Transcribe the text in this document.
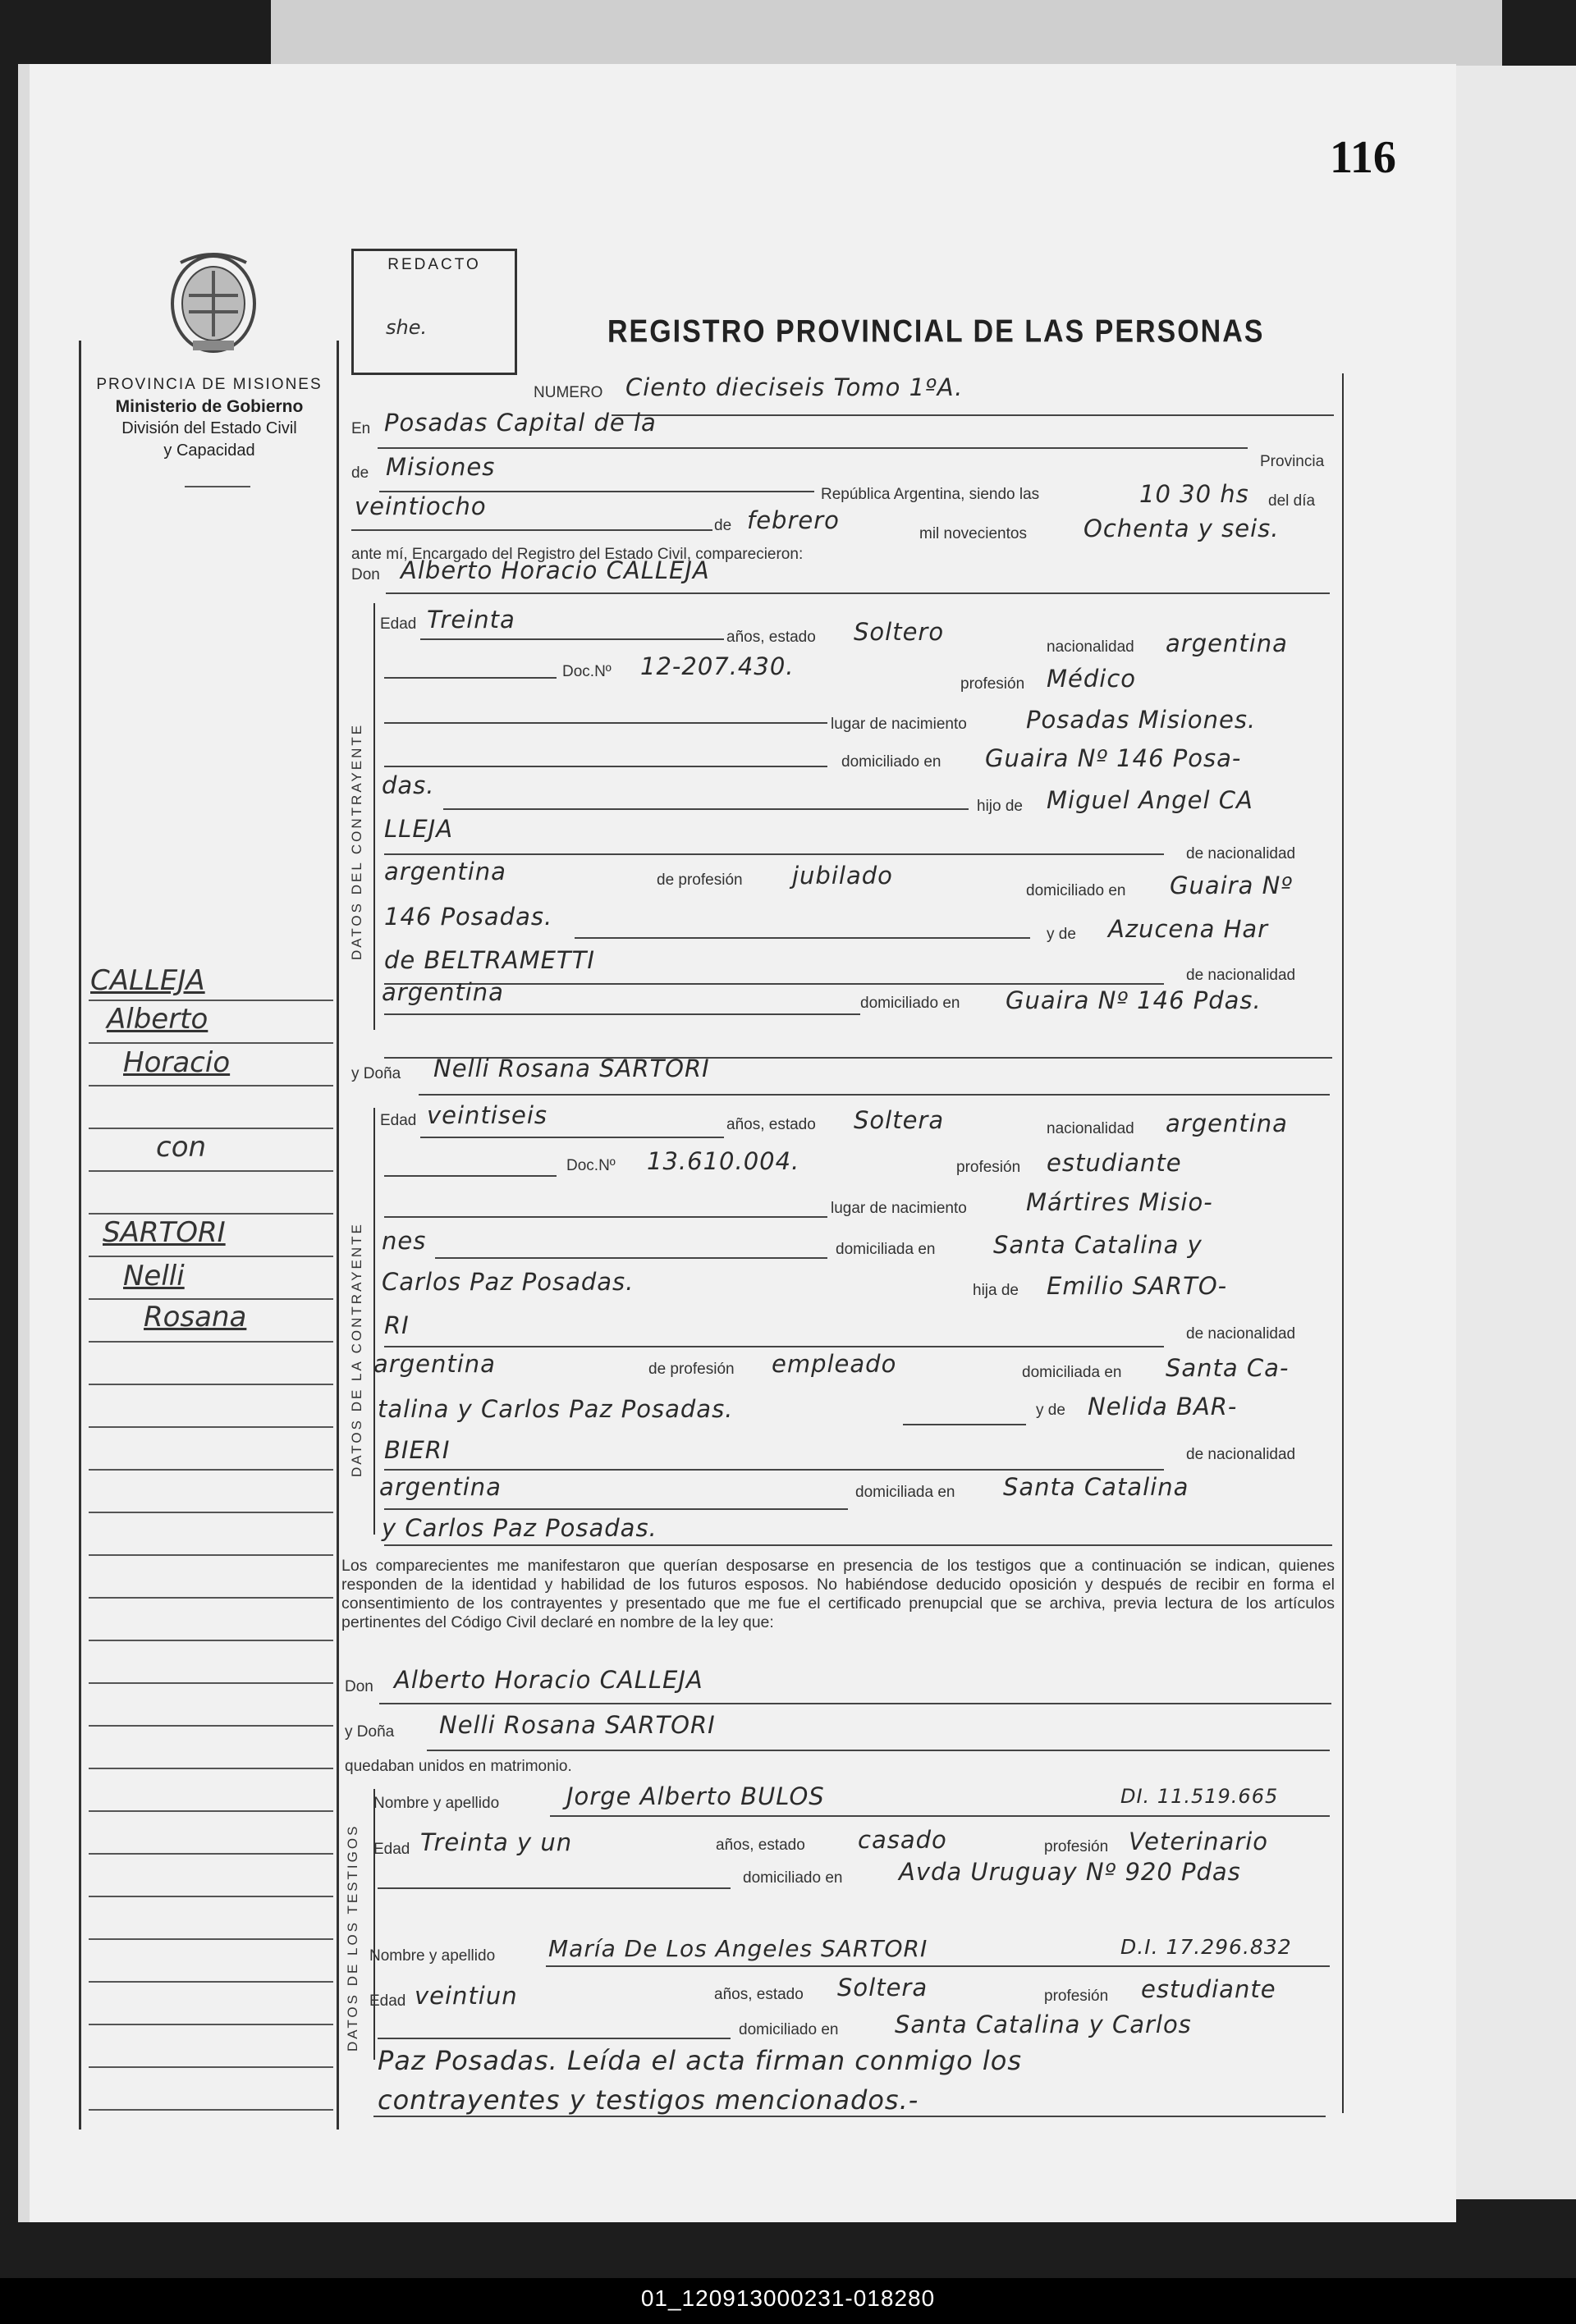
116
PROVINCIA DE MISIONES
Ministerio de Gobierno
División del Estado Civil
y Capacidad
CALLEJA
Alberto
Horacio
con
SARTORI
Nelli
Rosana
REDACTO
she.	REGISTRO PROVINCIAL DE LAS PERSONAS
NUMERO Ciento dieciseis Tomo 1ºA.
En Posadas Capital de la
Provincia
de Misiones
República Argentina, siendo las	10 30 hs del día
veintiocho
de febrero	mil novecientos Ochenta y seis.
ante mí, Encargado del Registro del Estado Civil, comparecieron:
Don Alberto Horacio CALLEJA
DATOS DEL CONTRAYENTE
Edad Treinta
años, estado Soltero
nacionalidad argentina
Doc.Nº 12-207.430.
profesión Médico
lugar de nacimiento Posadas Misiones.
domiciliado en Guaira Nº 146 Posa-
das.
hijo de Miguel Angel CA
LLEJA
de nacionalidad
argentina	de profesión jubilado
domiciliado en Guaira Nº
146 Posadas.
y de Azucena Har
de BELTRAMETTI
de nacionalidad
argentina	domiciliado en Guaira Nº 146 Pdas.
y Doña Nelli Rosana SARTORI
DATOS DE LA CONTRAYENTE
Edad veintiseis	años, estado Soltera	nacionalidad argentina
Doc.Nº 13.610.004.	profesión estudiante
lugar de nacimiento Mártires Misio-
nes	domiciliada en Santa Catalina y
Carlos Paz Posadas.	hija de Emilio SARTO-
RI	de nacionalidad
argentina	de profesión empleado	domiciliada en Santa Ca-
talina y Carlos Paz Posadas.	y de Nelida BAR-
BIERI	de nacionalidad
argentina	domiciliada en Santa Catalina
y Carlos Paz Posadas.
Los comparecientes me manifestaron que querían desposarse en presencia de los testigos que a continuación se indican, quienes responden de la identidad y habilidad de los futuros esposos. No habiéndose deducido oposición y después de recibir en forma el consentimiento de los contrayentes y presentado que me fue el certificado prenupcial que se archiva, previa lectura de los artículos pertinentes del Código Civil declaré en nombre de la ley que:
Don Alberto Horacio CALLEJA
y Doña Nelli Rosana SARTORI
quedaban unidos en matrimonio.
DATOS DE LOS TESTIGOS
Nombre y apellido	Jorge Alberto BULOS	DI. 11.519.665
Edad Treinta y un	años, estado casado	profesión Veterinario
domiciliado en Avda Uruguay Nº 920 Pdas
Nombre y apellido María De Los Angeles SARTORI	D.I. 17.296.832
Edad veintiun	años, estado Soltera	profesión estudiante
domiciliado en Santa Catalina y Carlos
Paz Posadas. Leída el acta firman conmigo los
contrayentes y testigos mencionados.-
01_120913000231-018280
